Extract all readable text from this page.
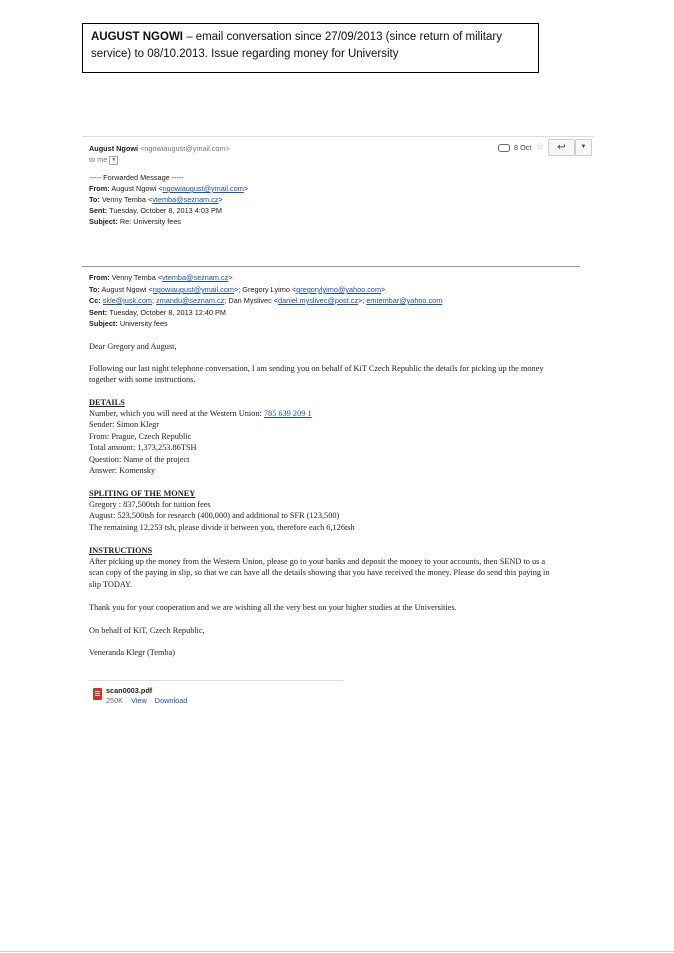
AUGUST NGOWI – email conversation since 27/09/2013 (since return of military service) to 08/10.2013. Issue regarding money for University
August Ngowi <ngowiaugust@ymail.com>
to me ▼
8 Oct ☆	↩	▼
----- Forwarded Message -----
From: August Ngowi <ngowiaugust@ymail.com>
To: Venny Temba <vtemba@seznam.cz>
Sent: Tuesday, October 8, 2013 4:03 PM
Subject: Re: University fees
From: Venny Temba <vtemba@seznam.cz>
To: August Ngowi <ngowiaugust@ymail.com>; Gregory Lyimo <gregorylyimo@yahoo.com>
Cc: skle@jusk.com; zmandu@seznam.cz; Dan Myslivec <daniel.myslivec@post.cz>; emtembar@yahoo.com
Sent: Tuesday, October 8, 2013 12:40 PM
Subject: University fees
Dear Gregory and August,
Following our last night telephone conversation, I am sending you on behalf of KiT Czech Republic the details for picking up the money
together with some instructions.
DETAILS
Number, which you will need at the Western Union: 785 639 209 1
Sender: Simon Klegr
From: Prague, Czech Republic
Total amount: 1,373,253.86TSH
Question: Name of the project
Answer: Komensky
SPLITING OF THE MONEY
Gregory : 837,500tsh for tuition fees
August: 523,500tsh for research (400,000) and additional to SFR (123,500)
The remaining 12,253 tsh, please divide it between you, therefore each 6,126tsh
INSTRUCTIONS
After picking up the money from the Western Union, please go to your banks and deposit the money to your accounts, then SEND to us a
scan copy of the paying in slip, so that we can have all the details showing that you have received the money. Please do send this paying in
slip TODAY.
Thank you for your cooperation and we are wishing all the very best on your higher studies at the Universities.
On behalf of KiT, Czech Republic,
Veneranda Klegr (Temba)
scan0003.pdf
250K View Download
